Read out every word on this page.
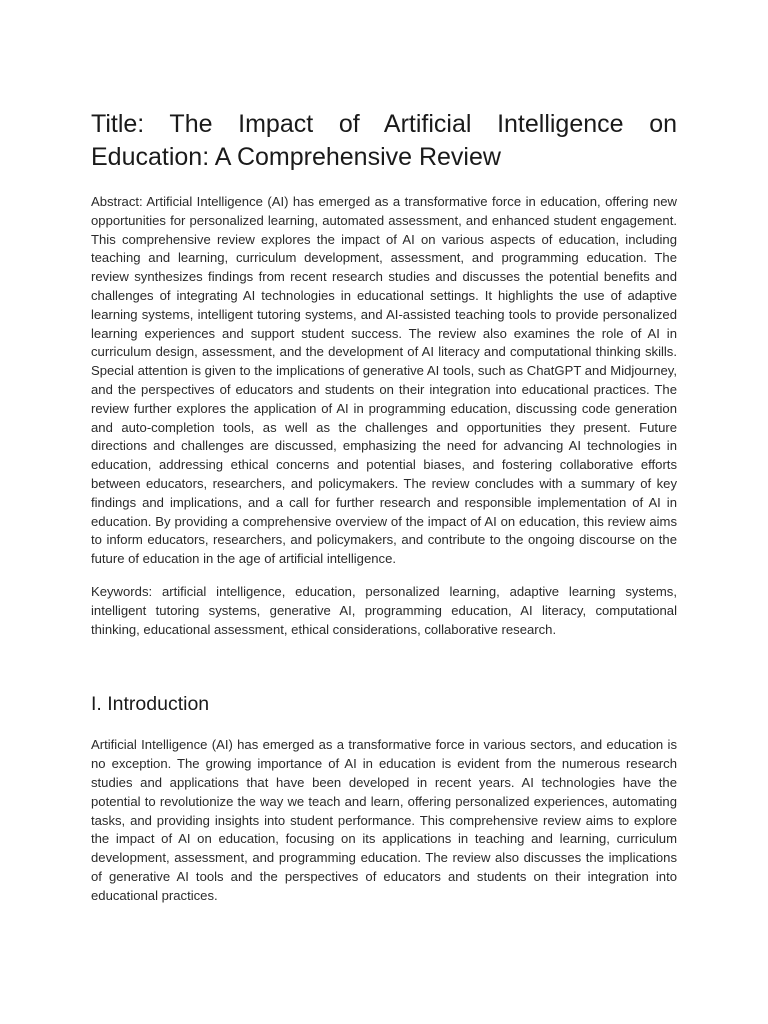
Title: The Impact of Artificial Intelligence on Education: A Comprehensive Review

Abstract: Artificial Intelligence (AI) has emerged as a transformative force in education, offering new opportunities for personalized learning, automated assessment, and enhanced student engagement. This comprehensive review explores the impact of AI on various aspects of education, including teaching and learning, curriculum development, assessment, and programming education. The review synthesizes findings from recent research studies and discusses the potential benefits and challenges of integrating AI technologies in educational settings. It highlights the use of adaptive learning systems, intelligent tutoring systems, and AI-assisted teaching tools to provide personalized learning experiences and support student success. The review also examines the role of AI in curriculum design, assessment, and the development of AI literacy and computational thinking skills. Special attention is given to the implications of generative AI tools, such as ChatGPT and Midjourney, and the perspectives of educators and students on their integration into educational practices. The review further explores the application of AI in programming education, discussing code generation and auto-completion tools, as well as the challenges and opportunities they present. Future directions and challenges are discussed, emphasizing the need for advancing AI technologies in education, addressing ethical concerns and potential biases, and fostering collaborative efforts between educators, researchers, and policymakers. The review concludes with a summary of key findings and implications, and a call for further research and responsible implementation of AI in education. By providing a comprehensive overview of the impact of AI on education, this review aims to inform educators, researchers, and policymakers, and contribute to the ongoing discourse on the future of education in the age of artificial intelligence.

Keywords: artificial intelligence, education, personalized learning, adaptive learning systems, intelligent tutoring systems, generative AI, programming education, AI literacy, computational thinking, educational assessment, ethical considerations, collaborative research.

I. Introduction

Artificial Intelligence (AI) has emerged as a transformative force in various sectors, and education is no exception. The growing importance of AI in education is evident from the numerous research studies and applications that have been developed in recent years. AI technologies have the potential to revolutionize the way we teach and learn, offering personalized experiences, automating tasks, and providing insights into student performance. This comprehensive review aims to explore the impact of AI on education, focusing on its applications in teaching and learning, curriculum development, assessment, and programming education. The review also discusses the implications of generative AI tools and the perspectives of educators and students on their integration into educational practices.
